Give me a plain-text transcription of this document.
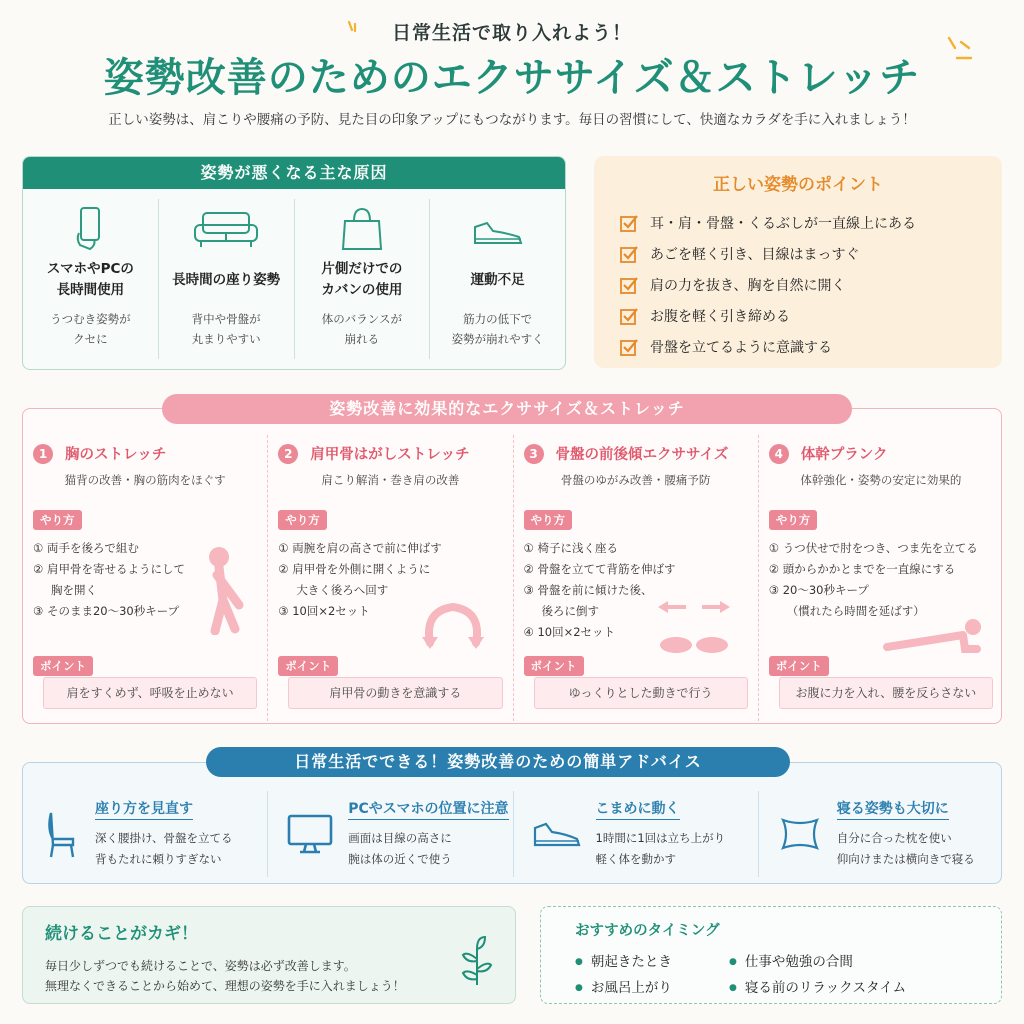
日常生活で取り入れよう！
姿勢改善のためのエクササイズ＆ストレッチ
正しい姿勢は、肩こりや腰痛の予防、見た目の印象アップにもつながります。毎日の習慣にして、快適なカラダを手に入れましょう！
姿勢が悪くなる主な原因
スマホやPCの
長時間使用
うつむき姿勢が
クセに
長時間の座り姿勢
背中や骨盤が
丸まりやすい
片側だけでの
カバンの使用
体のバランスが
崩れる
運動不足
筋力の低下で
姿勢が崩れやすく
正しい姿勢のポイント
耳・肩・骨盤・くるぶしが一直線上にある
あごを軽く引き、目線はまっすぐ
肩の力を抜き、胸を自然に開く
お腹を軽く引き締める
骨盤を立てるように意識する
1	胸のストレッチ
猫背の改善・胸の筋肉をほぐす
やり方
① 両手を後ろで組む
② 肩甲骨を寄せるようにして
胸を開く
③ そのまま20〜30秒キープ
ポイント
肩をすくめず、呼吸を止めない
2	肩甲骨はがしストレッチ
肩こり解消・巻き肩の改善
やり方
① 両腕を肩の高さで前に伸ばす
② 肩甲骨を外側に開くように
大きく後ろへ回す
③ 10回×2セット
ポイント
肩甲骨の動きを意識する
3	骨盤の前後傾エクササイズ
骨盤のゆがみ改善・腰痛予防
やり方
① 椅子に浅く座る
② 骨盤を立てて背筋を伸ばす
③ 骨盤を前に傾けた後、
後ろに倒す
④ 10回×2セット
ポイント
ゆっくりとした動きで行う
4	体幹プランク
体幹強化・姿勢の安定に効果的
やり方
① うつ伏せで肘をつき、つま先を立てる
② 頭からかかとまでを一直線にする
③ 20〜30秒キープ
（慣れたら時間を延ばす）
ポイント
お腹に力を入れ、腰を反らさない
姿勢改善に効果的なエクササイズ＆ストレッチ
座り方を見直す
深く腰掛け、骨盤を立てる
背もたれに頼りすぎない
PCやスマホの位置に注意
画面は目線の高さに
腕は体の近くで使う
こまめに動く
1時間に1回は立ち上がり
軽く体を動かす
寝る姿勢も大切に
自分に合った枕を使い
仰向けまたは横向きで寝る
日常生活でできる！姿勢改善のための簡単アドバイス
続けることがカギ！
毎日少しずつでも続けることで、姿勢は必ず改善します。
無理なくできることから始めて、理想の姿勢を手に入れましょう！
おすすめのタイミング
● 朝起きたとき	● 仕事や勉強の合間
● お風呂上がり	● 寝る前のリラックスタイム
